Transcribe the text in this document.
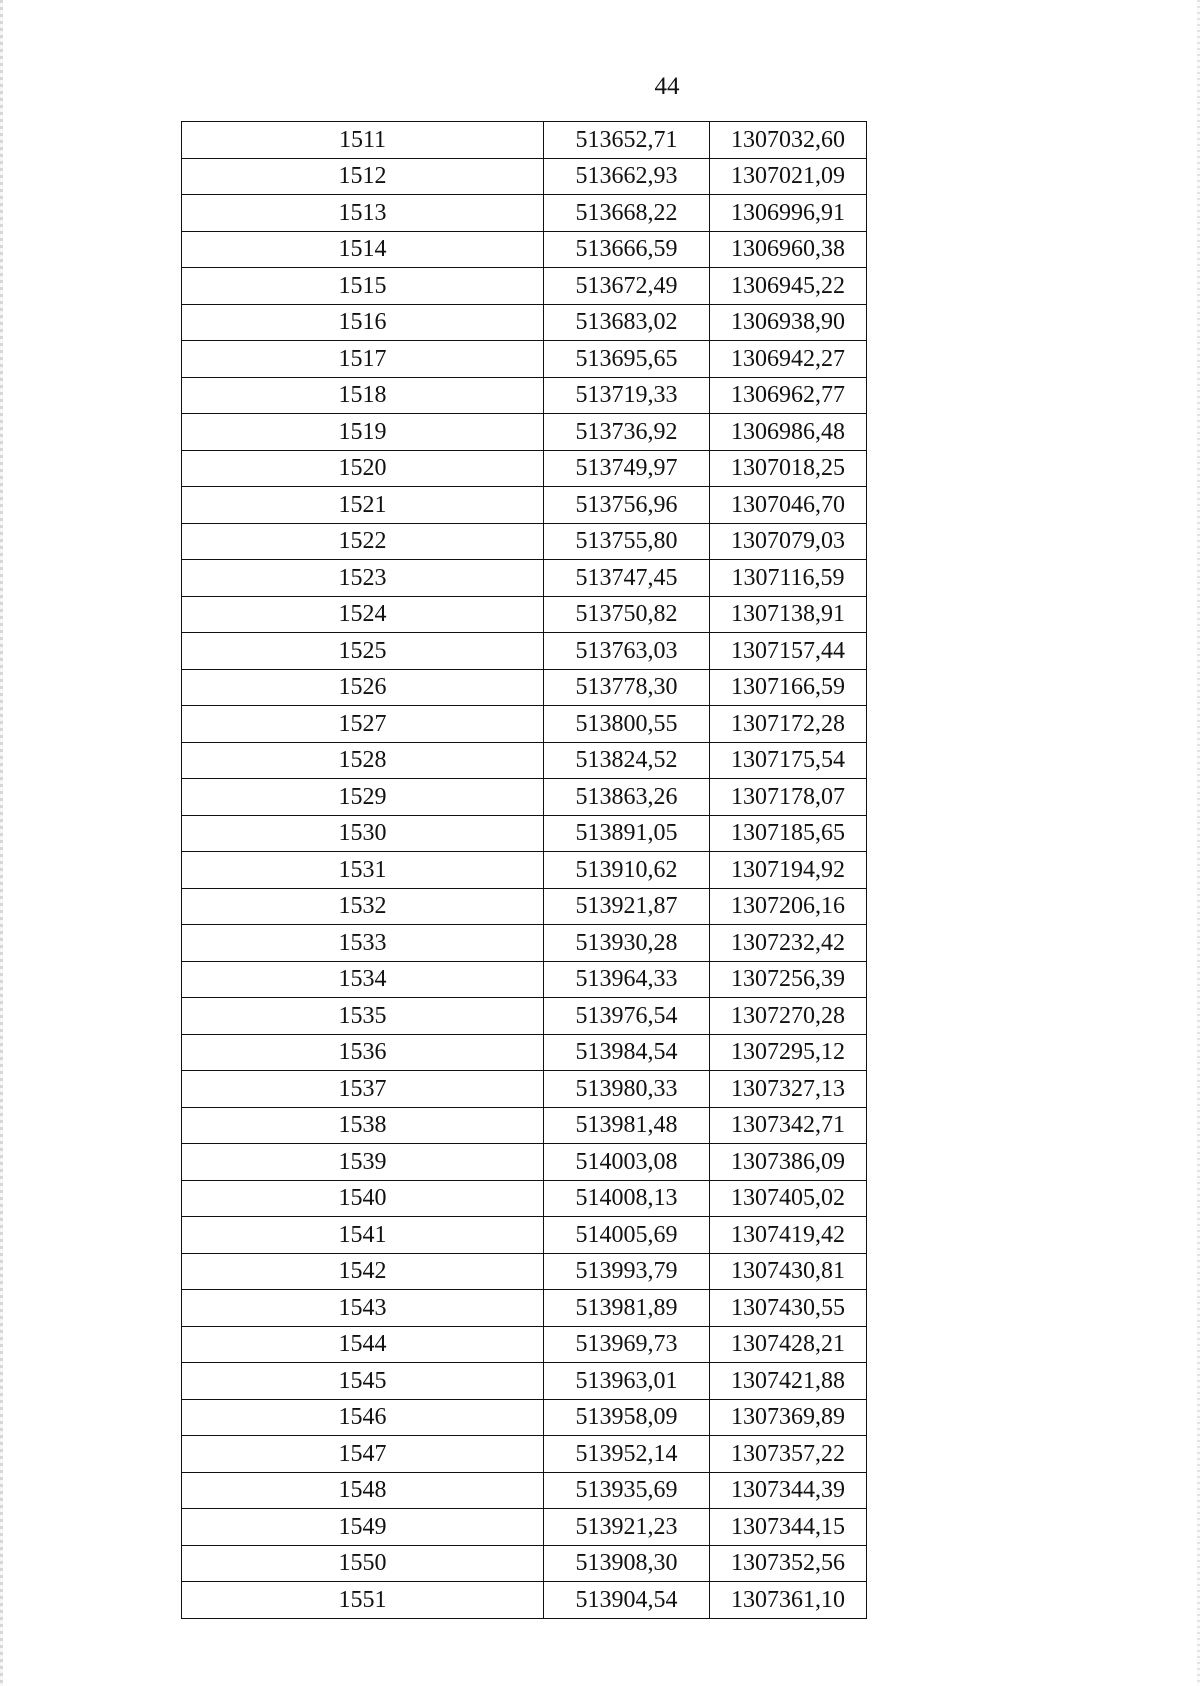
44
1511	513652,71	1307032,60
1512	513662,93	1307021,09
1513	513668,22	1306996,91
1514	513666,59	1306960,38
1515	513672,49	1306945,22
1516	513683,02	1306938,90
1517	513695,65	1306942,27
1518	513719,33	1306962,77
1519	513736,92	1306986,48
1520	513749,97	1307018,25
1521	513756,96	1307046,70
1522	513755,80	1307079,03
1523	513747,45	1307116,59
1524	513750,82	1307138,91
1525	513763,03	1307157,44
1526	513778,30	1307166,59
1527	513800,55	1307172,28
1528	513824,52	1307175,54
1529	513863,26	1307178,07
1530	513891,05	1307185,65
1531	513910,62	1307194,92
1532	513921,87	1307206,16
1533	513930,28	1307232,42
1534	513964,33	1307256,39
1535	513976,54	1307270,28
1536	513984,54	1307295,12
1537	513980,33	1307327,13
1538	513981,48	1307342,71
1539	514003,08	1307386,09
1540	514008,13	1307405,02
1541	514005,69	1307419,42
1542	513993,79	1307430,81
1543	513981,89	1307430,55
1544	513969,73	1307428,21
1545	513963,01	1307421,88
1546	513958,09	1307369,89
1547	513952,14	1307357,22
1548	513935,69	1307344,39
1549	513921,23	1307344,15
1550	513908,30	1307352,56
1551	513904,54	1307361,10
